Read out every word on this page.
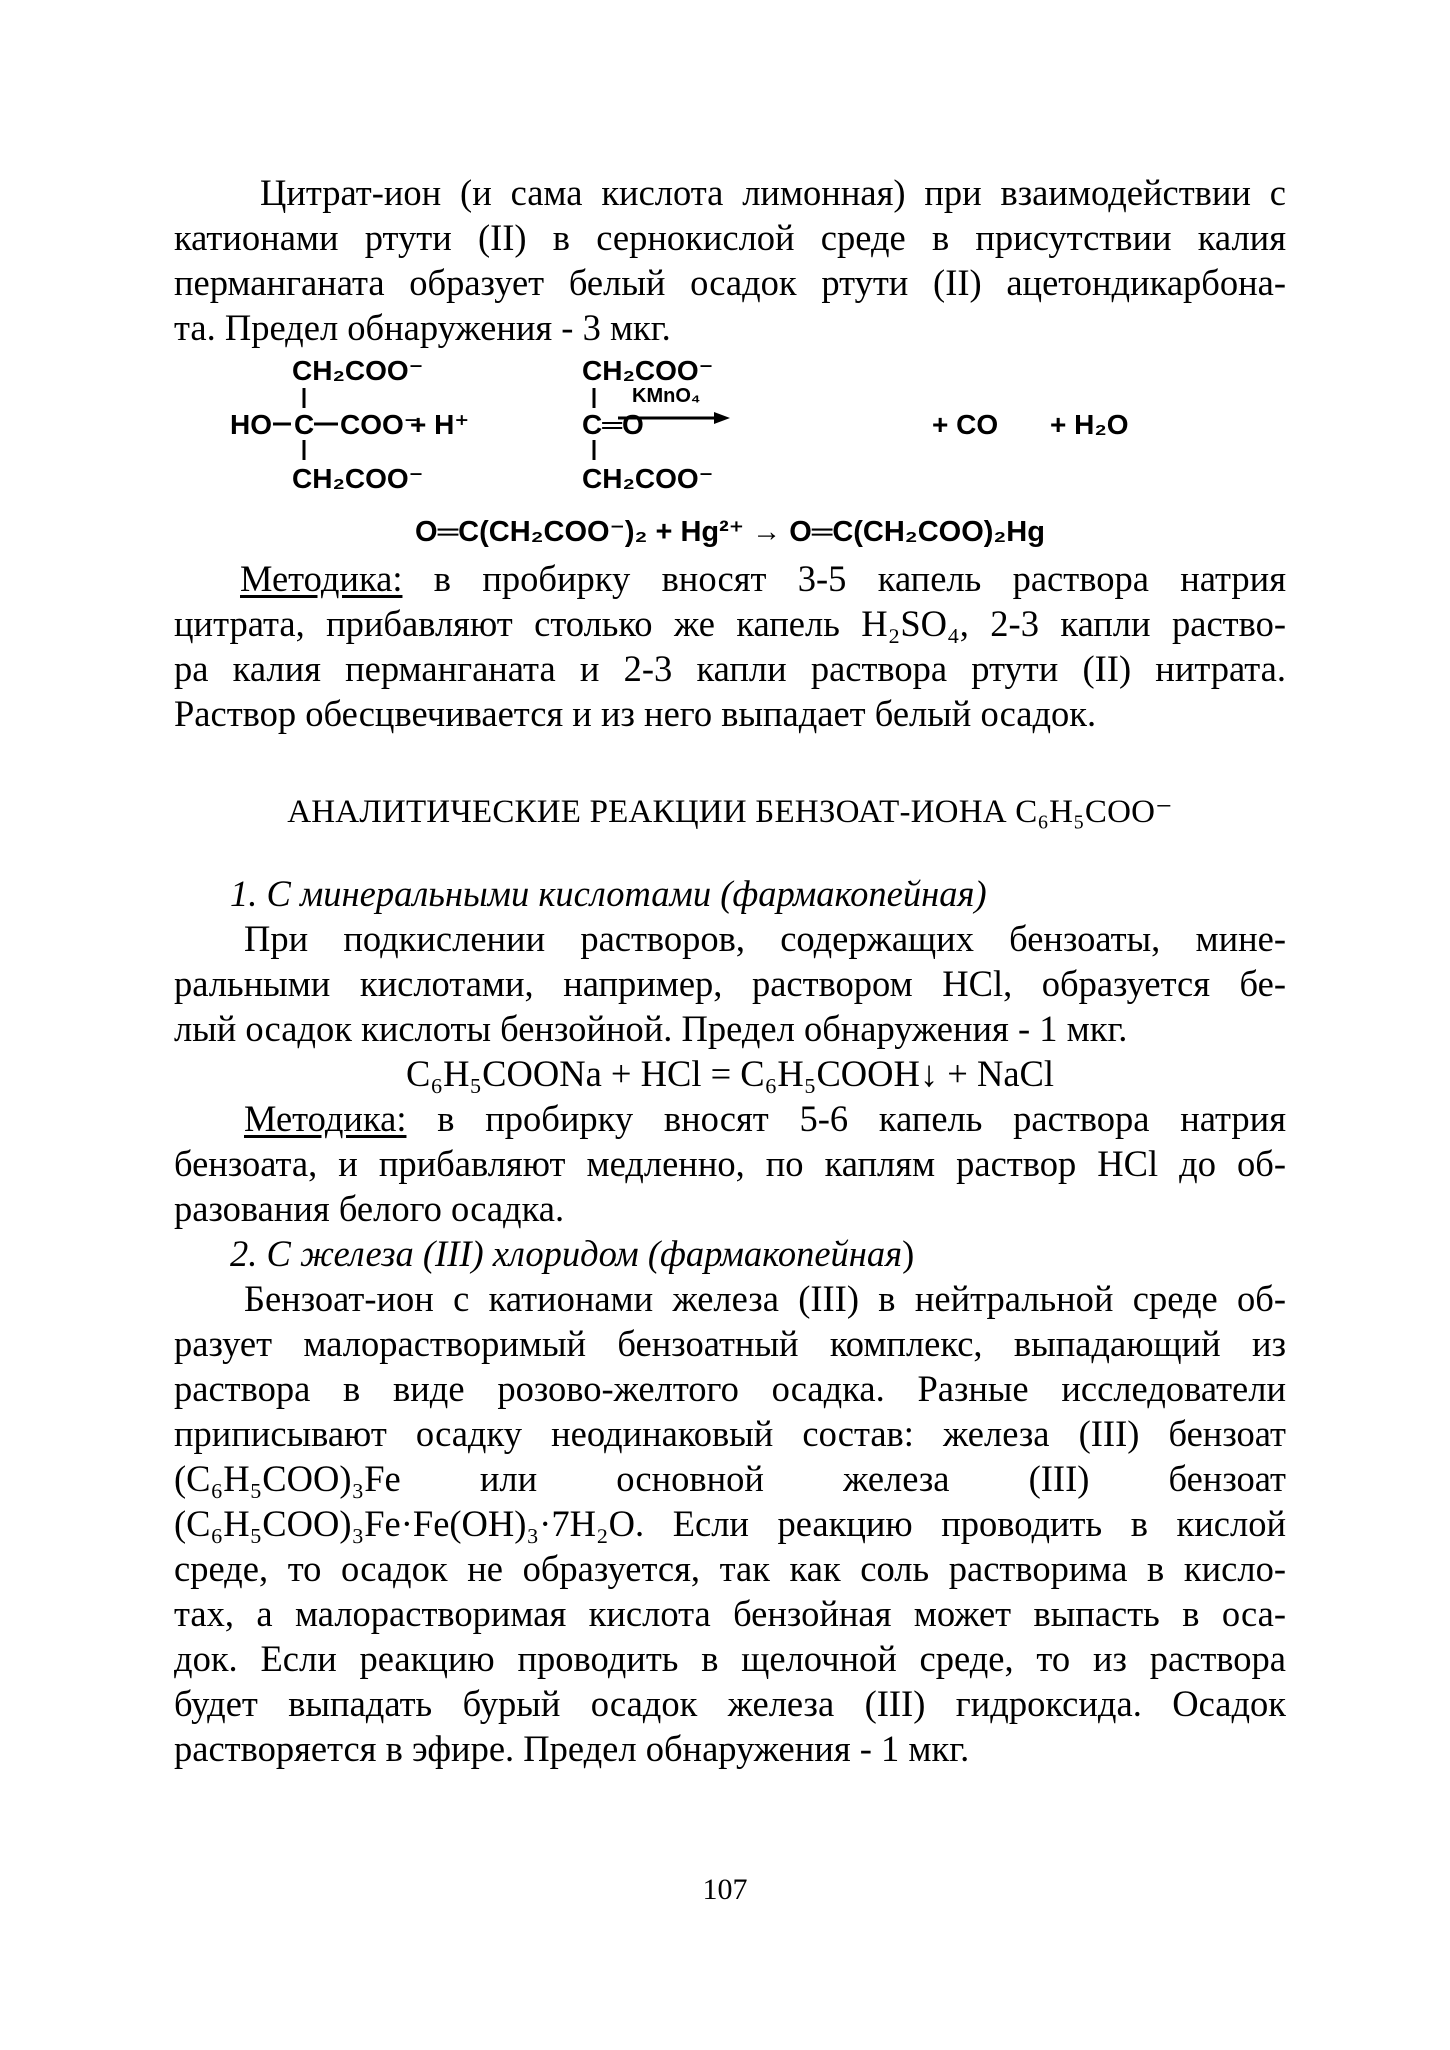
Цитрат-ион (и сама кислота лимонная) при взаимодействии с

катионами ртути (II) в сернокислой среде в присутствии калия

перманганата образует белый осадок ртути (II) ацетондикарбона-

та. Предел обнаружения - 3 мкг.

CH₂COO⁻
HO C COO⁻
+ H⁺
KMnO₄
CH₂COO⁻
CH₂COO⁻
C═O
CH₂COO⁻
+ CO + H₂O
O═C(CH₂COO⁻)₂ + Hg²⁺ → O═C(CH₂COO)₂Hg

Методика: в пробирку вносят 3-5 капель раствора натрия

цитрата, прибавляют столько же капель H₂SO₄, 2-3 капли раство-

ра калия перманганата и 2-3 капли раствора ртути (II) нитрата.

Раствор обесцвечивается и из него выпадает белый осадок.

АНАЛИТИЧЕСКИЕ РЕАКЦИИ БЕНЗОАТ-ИОНА C₆H₅COO⁻

1. С минеральными кислотами (фармакопейная)

При подкислении растворов, содержащих бензоаты, мине-

ральными кислотами, например, раствором HCl, образуется бе-

лый осадок кислоты бензойной. Предел обнаружения - 1 мкг.

C₆H₅COONa + HCl = C₆H₅COOH↓ + NaCl

Методика: в пробирку вносят 5-6 капель раствора натрия

бензоата, и прибавляют медленно, по каплям раствор HCl до об-

разования белого осадка.

2. С железа (III) хлоридом (фармакопейная)

Бензоат-ион с катионами железа (III) в нейтральной среде об-

разует малорастворимый бензоатный комплекс, выпадающий из

раствора в виде розово-желтого осадка. Разные исследователи

приписывают осадку неодинаковый состав: железа (III) бензоат

(C₆H₅COO)₃Fe     или     основной     железа     (III)     бензоат

(C₆H₅COO)₃Fe·Fe(OH)₃·7H₂O. Если реакцию проводить в кислой

среде, то осадок не образуется, так как соль растворима в кисло-

тах, а малорастворимая кислота бензойная может выпасть в оса-

док. Если реакцию проводить в щелочной среде, то из раствора

будет выпадать бурый осадок железа (III) гидроксида. Осадок

растворяется в эфире. Предел обнаружения - 1 мкг.

107
